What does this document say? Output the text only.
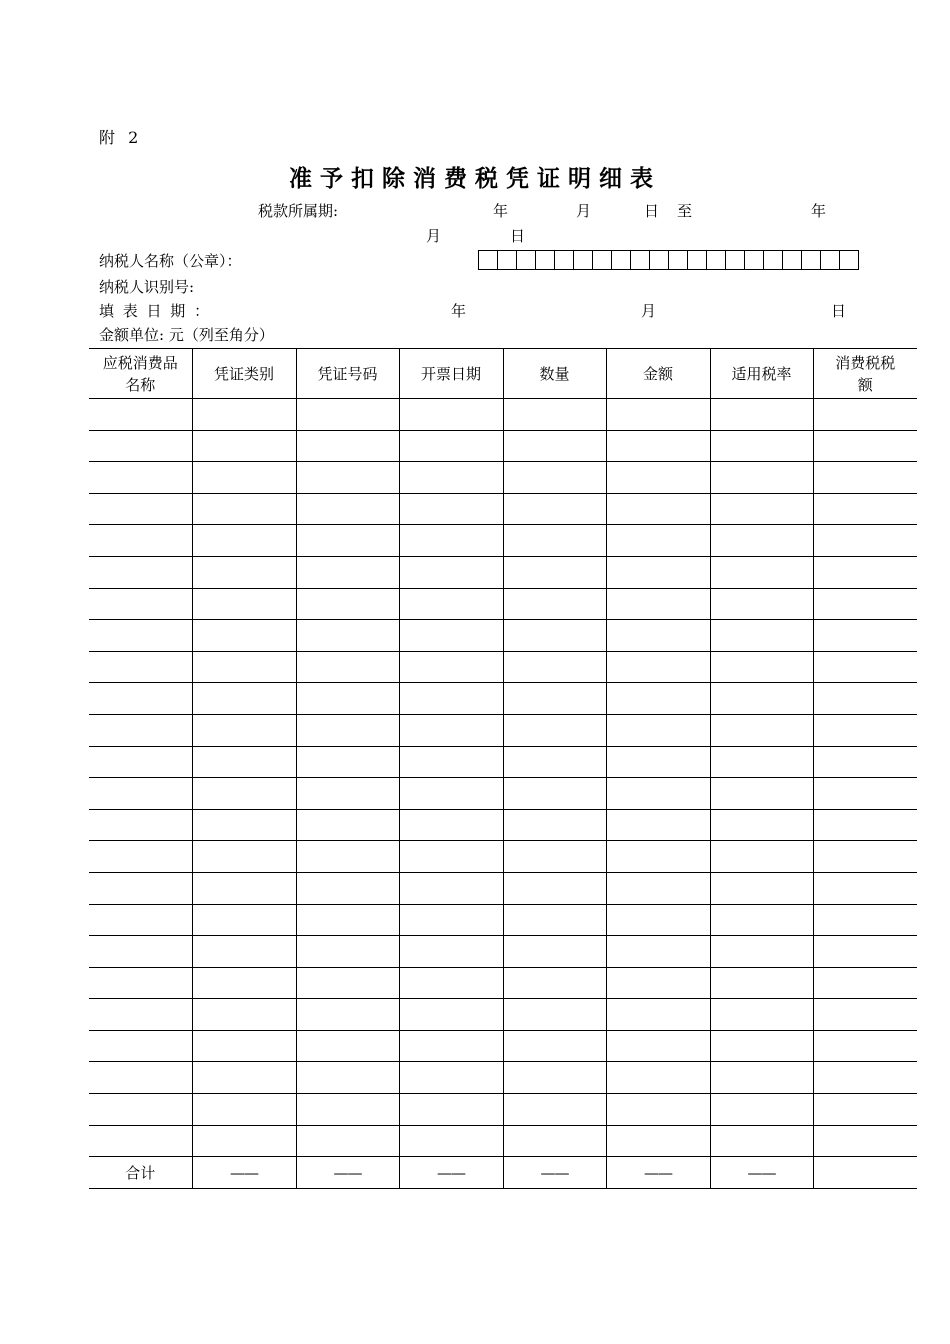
附 2
准予扣除消费税凭证明细表
税款所属期:	年	月	日 至	年
月	日
纳税人名称（公章）：
纳税人识别号:
填 表 日 期 ：	年	月	日
金额单位: 元（列至角分）
应税消费品名称	凭证类别	凭证号码	开票日期	数量	金额	适用税率	消费税税额

合计	——	——	——	——	——	——	
